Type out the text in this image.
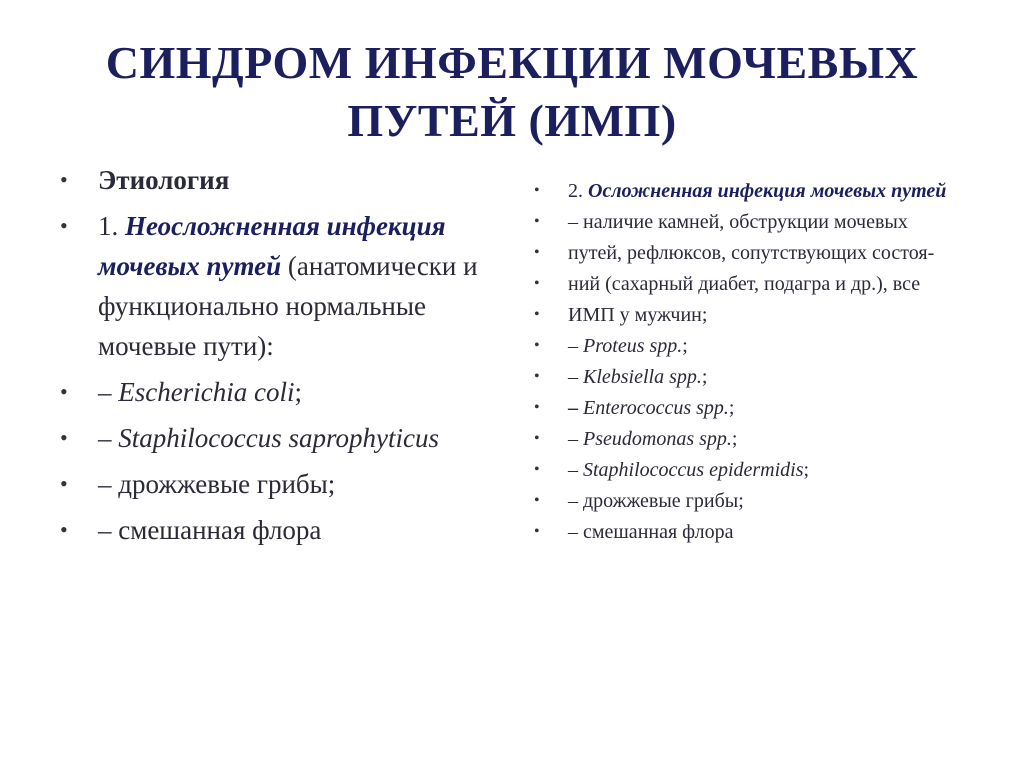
СИНДРОМ ИНФЕКЦИИ МОЧЕВЫХ
ПУТЕЙ (ИМП)
• Этиология
• 1. Неосложненная инфекция мочевых путей (анатомически и функционально нормальные мочевые пути):
• – Escherichia coli;
• – Staphilococcus saprophyticus
• – дрожжевые грибы;
• – смешанная флора
• 2. Осложненная инфекция мочевых путей
• – наличие камней, обструкции мочевых
• путей, рефлюксов, сопутствующих состоя-
• ний (сахарный диабет, подагра и др.), все
• ИМП у мужчин;
• – Proteus spp.;
• – Klebsiella spp.;
• – Enterococcus spp.;
• – Pseudomonas spp.;
• – Staphilococcus epidermidis;
• – дрожжевые грибы;
• – смешанная флора
